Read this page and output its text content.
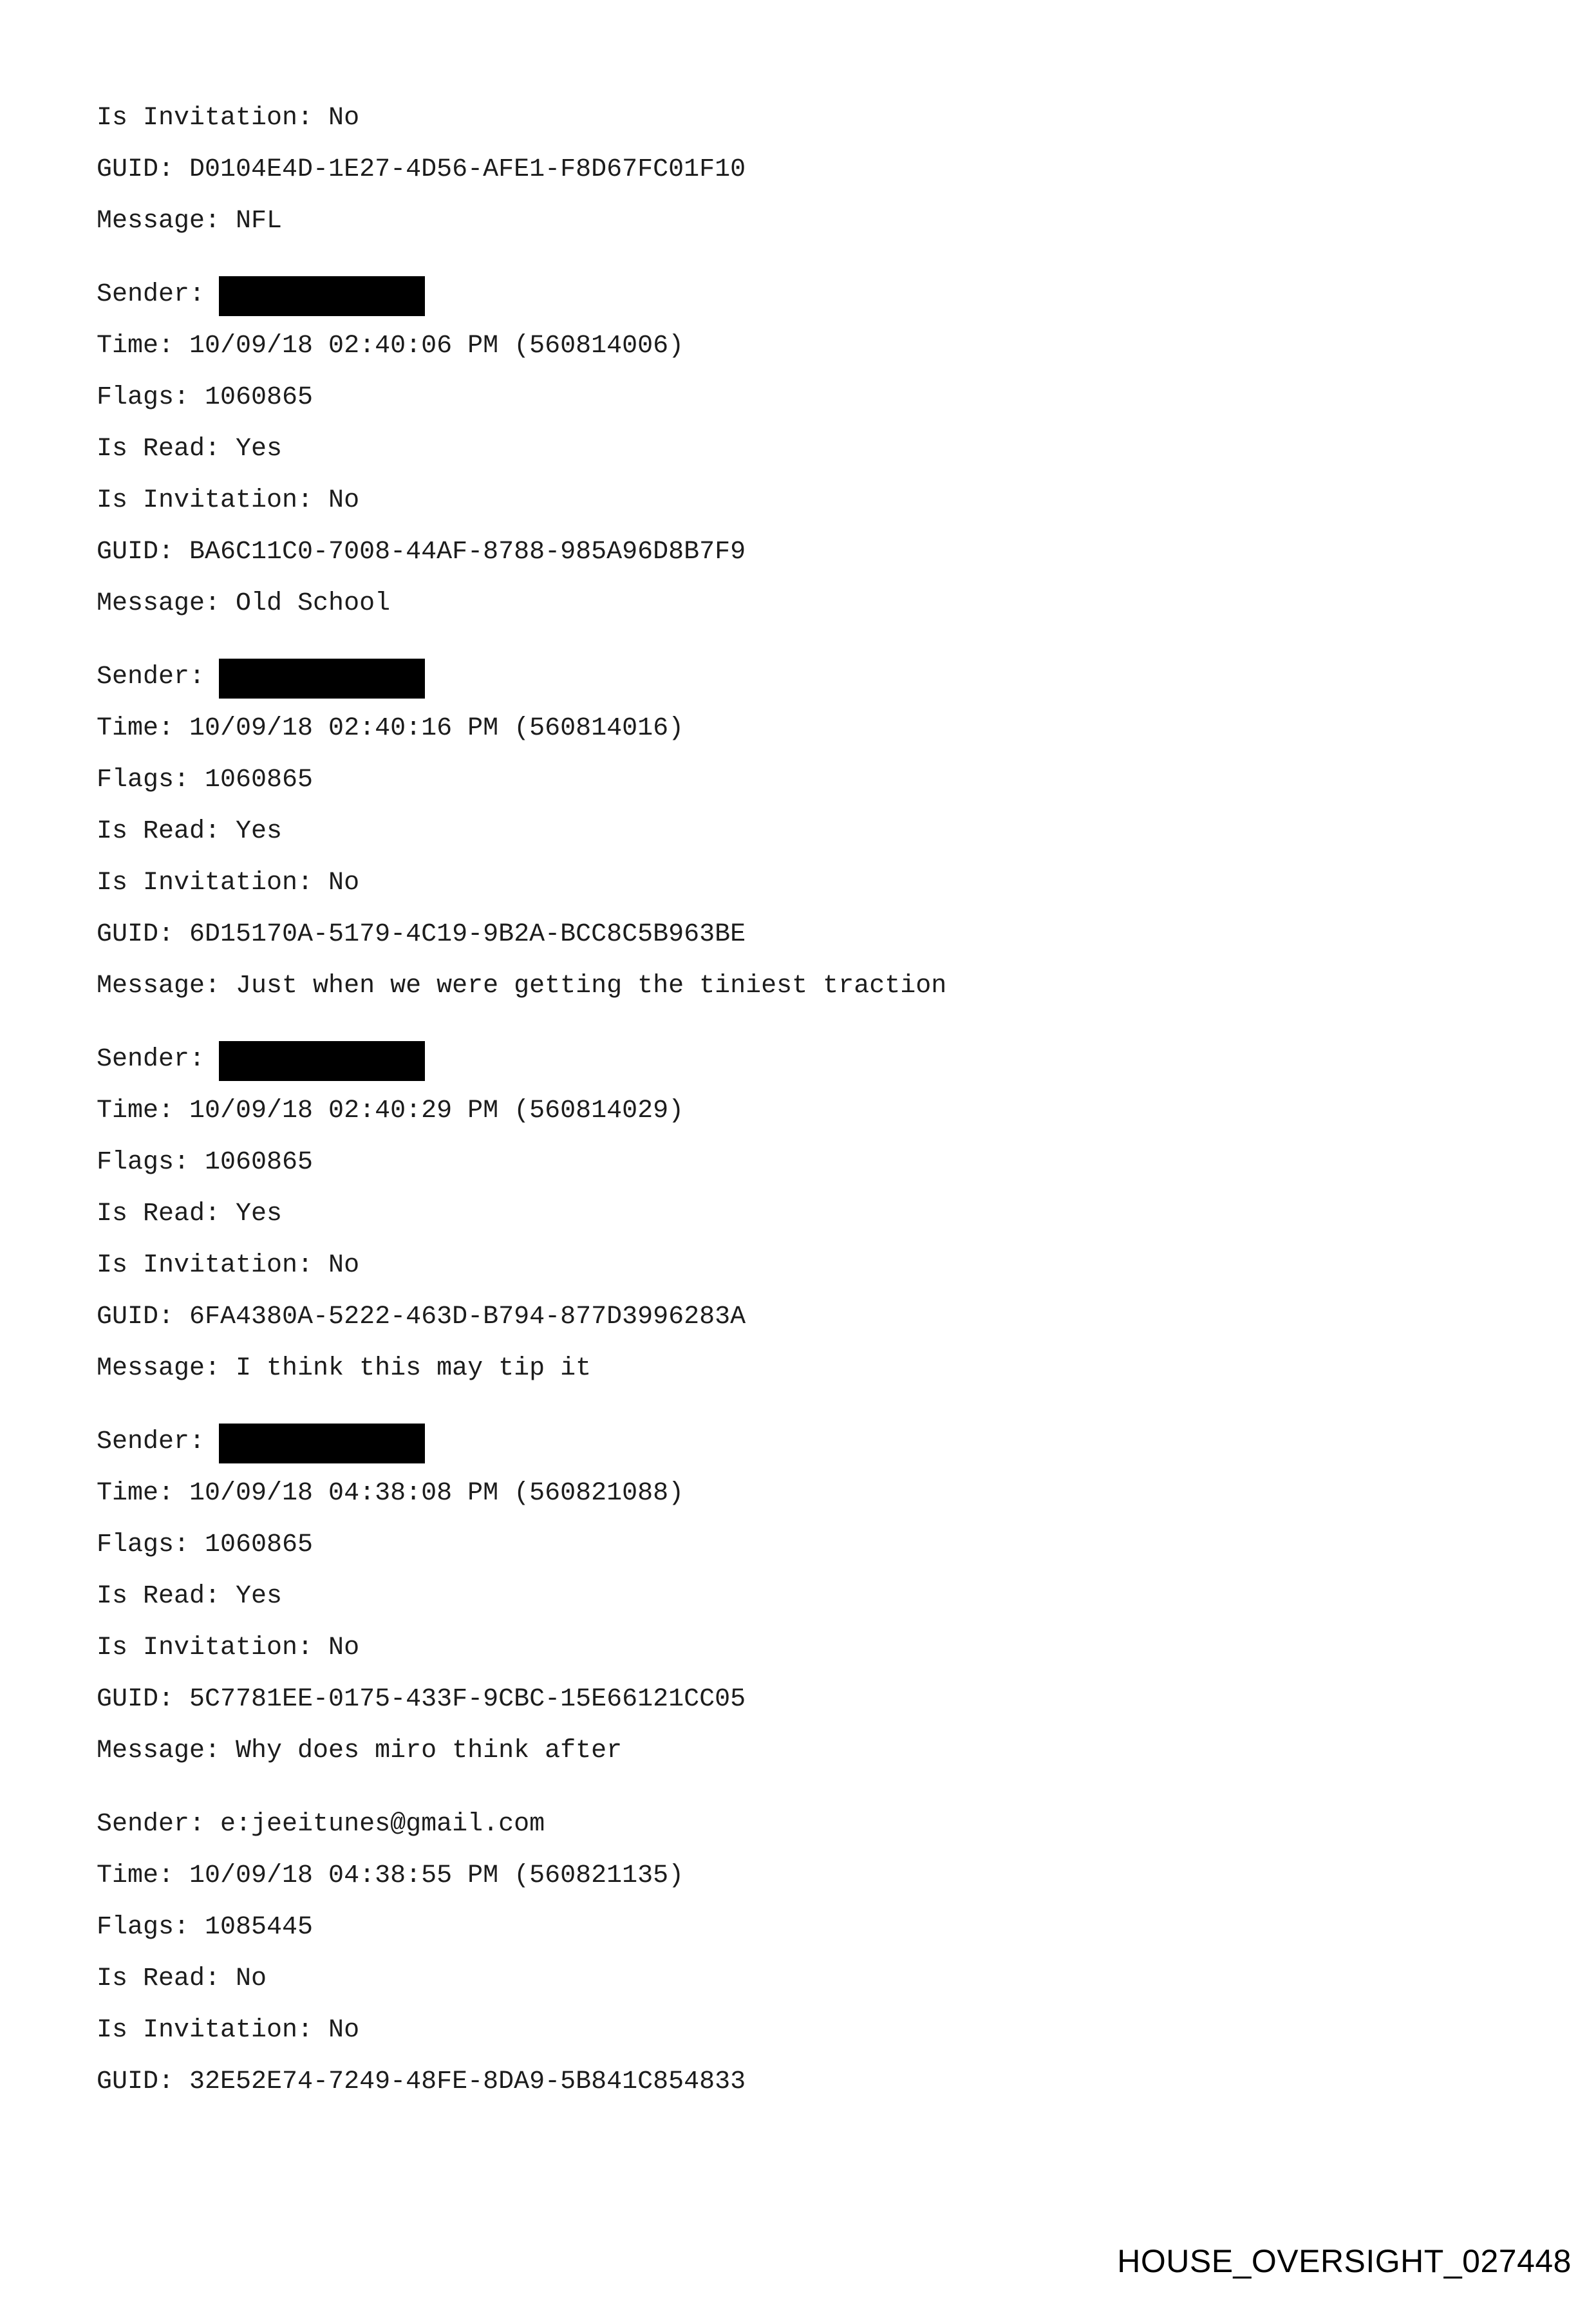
Is Invitation: No
GUID: D0104E4D-1E27-4D56-AFE1-F8D67FC01F10
Message: NFL
Sender:
Time: 10/09/18 02:40:06 PM (560814006)
Flags: 1060865
Is Read: Yes
Is Invitation: No
GUID: BA6C11C0-7008-44AF-8788-985A96D8B7F9
Message: Old School
Sender:
Time: 10/09/18 02:40:16 PM (560814016)
Flags: 1060865
Is Read: Yes
Is Invitation: No
GUID: 6D15170A-5179-4C19-9B2A-BCC8C5B963BE
Message: Just when we were getting the tiniest traction
Sender:
Time: 10/09/18 02:40:29 PM (560814029)
Flags: 1060865
Is Read: Yes
Is Invitation: No
GUID: 6FA4380A-5222-463D-B794-877D3996283A
Message: I think this may tip it
Sender:
Time: 10/09/18 04:38:08 PM (560821088)
Flags: 1060865
Is Read: Yes
Is Invitation: No
GUID: 5C7781EE-0175-433F-9CBC-15E66121CC05
Message: Why does miro think after
Sender: e:jeeitunes@gmail.com
Time: 10/09/18 04:38:55 PM (560821135)
Flags: 1085445
Is Read: No
Is Invitation: No
GUID: 32E52E74-7249-48FE-8DA9-5B841C854833
HOUSE_OVERSIGHT_027448
